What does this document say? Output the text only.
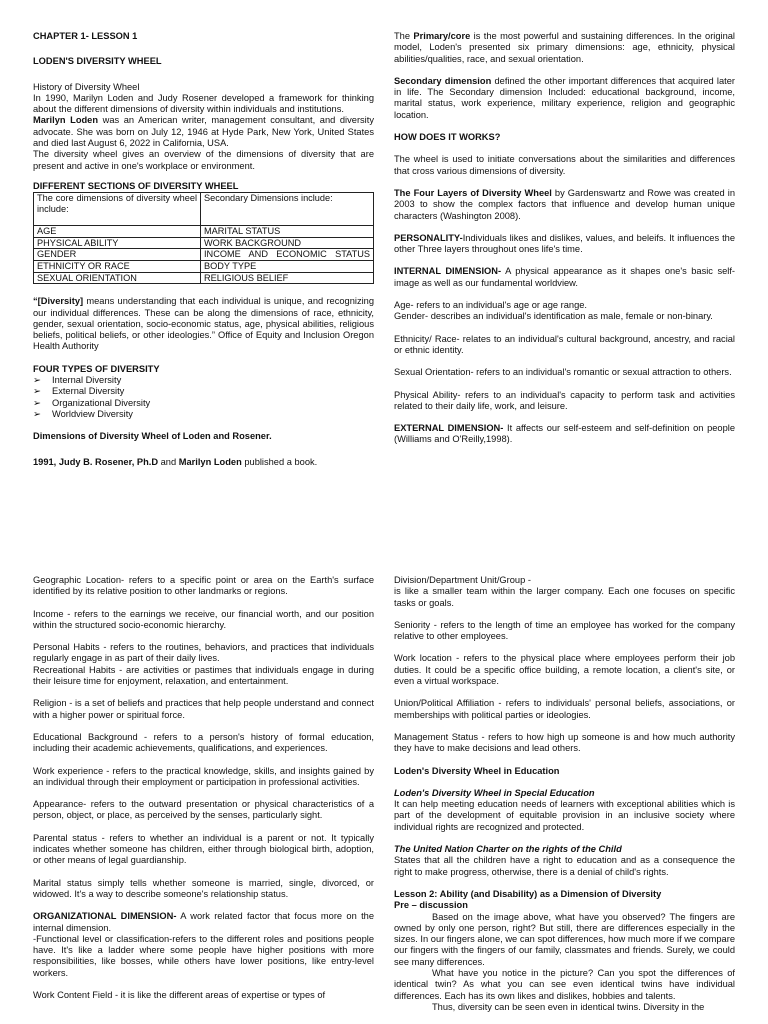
CHAPTER 1- LESSON 1

LODEN'S DIVERSITY WHEEL

History of Diversity Wheel

In 1990, Marilyn Loden and Judy Rosener developed a framework for thinking about the different dimensions of diversity within individuals and institutions.

Marilyn Loden was an American writer, management consultant, and diversity advocate. She was born on July 12, 1946 at Hyde Park, New York, United States and died last August 6, 2022 in California, USA.

The diversity wheel gives an overview of the dimensions of diversity that are present and active in one's workplace or environment.

DIFFERENT SECTIONS OF DIVERSITY WHEEL

The core dimensions of diversity wheel include:	Secondary Dimensions include:
AGE	MARITAL STATUS
PHYSICAL ABILITY	WORK BACKGROUND
GENDER	INCOME AND ECONOMIC STATUS
ETHNICITY OR RACE	BODY TYPE
SEXUAL ORIENTATION	RELIGIOUS BELIEF

“[Diversity] means understanding that each individual is unique, and recognizing our individual differences. These can be along the dimensions of race, ethnicity, gender, sexual orientation, socio-economic status, age, physical abilities, religious beliefs, political beliefs, or other ideologies.” Office of Equity and Inclusion Oregon Health Authority

FOUR TYPES OF DIVERSITY

➢ Internal Diversity
➢ External Diversity
➢ Organizational Diversity
➢ Worldview Diversity

Dimensions of Diversity Wheel of Loden and Rosener.

1991, Judy B. Rosener, Ph.D and Marilyn Loden published a book.

The Primary/core is the most powerful and sustaining differences. In the original model, Loden's presented six primary dimensions: age, ethnicity, physical abilities/qualities, race, and sexual orientation.

Secondary dimension defined the other important differences that acquired later in life. The Secondary dimension Included: educational background, income, marital status, work experience, military experience, religion and geographic location.

HOW DOES IT WORKS?

The wheel is used to initiate conversations about the similarities and differences that cross various dimensions of diversity.

The Four Layers of Diversity Wheel by Gardenswartz and Rowe was created in 2003 to show the complex factors that influence and develop human unique characters (Washington 2008).

PERSONALITY-Individuals likes and dislikes, values, and beleifs. It influences the other Three layers throughout ones life's time.

INTERNAL DIMENSION- A physical appearance as it shapes one's basic self-image as well as our fundamental worldview.

Age- refers to an individual's age or age range.

Gender- describes an individual's identification as male, female or non-binary.

Ethnicity/ Race- relates to an individual's cultural background, ancestry, and racial or ethnic identity.

Sexual Orientation- refers to an individual's romantic or sexual attraction to others.

Physical Ability- refers to an individual's capacity to perform task and activities related to their daily life, work, and leisure.

EXTERNAL DIMENSION- It affects our self-esteem and self-definition on people (Williams and O'Reilly,1998).

Geographic Location- refers to a specific point or area on the Earth's surface identified by its relative position to other landmarks or regions.

Income - refers to the earnings we receive, our financial worth, and our position within the structured socio-economic hierarchy.

Personal Habits - refers to the routines, behaviors, and practices that individuals regularly engage in as part of their daily lives.

Recreational Habits - are activities or pastimes that individuals engage in during their leisure time for enjoyment, relaxation, and entertainment.

Religion - is a set of beliefs and practices that help people understand and connect with a higher power or spiritual force.

Educational Background - refers to a person's history of formal education, including their academic achievements, qualifications, and experiences.

Work experience - refers to the practical knowledge, skills, and insights gained by an individual through their employment or participation in professional activities.

Appearance- refers to the outward presentation or physical characteristics of a person, object, or place, as perceived by the senses, particularly sight.

Parental status - refers to whether an individual is a parent or not. It typically indicates whether someone has children, either through biological birth, adoption, or other means of legal guardianship.

Marital status simply tells whether someone is married, single, divorced, or widowed. It's a way to describe someone's relationship status.

ORGANIZATIONAL DIMENSION- A work related factor that focus more on the internal dimension.

-Functional level or classification-refers to the different roles and positions people have. It's like a ladder where some people have higher positions with more responsibilities, like bosses, while others have lower positions, like entry-level workers.

Work Content Field - it is like the different areas of expertise or types of

Division/Department Unit/Group -

is like a smaller team within the larger company. Each one focuses on specific tasks or goals.

Seniority - refers to the length of time an employee has worked for the company relative to other employees.

Work location - refers to the physical place where employees perform their job duties. It could be a specific office building, a remote location, a client's site, or even a virtual workspace.

Union/Political Affiliation - refers to individuals' personal beliefs, associations, or memberships with political parties or ideologies.

Management Status - refers to how high up someone is and how much authority they have to make decisions and lead others.

Loden's Diversity Wheel in Education

Loden's Diversity Wheel in Special Education

It can help meeting education needs of learners with exceptional abilities which is part of the development of equitable provision in an inclusive society where individual rights are recognized and protected.

The United Nation Charter on the rights of the Child

States that all the children have a right to education and as a consequence the right to make progress, otherwise, there is a denial of child's rights.

Lesson 2: Ability (and Disability) as a Dimension of Diversity

Pre – discussion

Based on the image above, what have you observed? The fingers are owned by only one person, right? But still, there are differences especially in the sizes. In our fingers alone, we can spot differences, how much more if we compare our fingers with the fingers of our family, classmates and friends. Surely, we could see many differences.

What have you notice in the picture? Can you spot the differences of identical twin? As what you can see even identical twins have individual differences. Each has its own likes and dislikes, hobbies and talents.

Thus, diversity can be seen even in identical twins. Diversity in the
